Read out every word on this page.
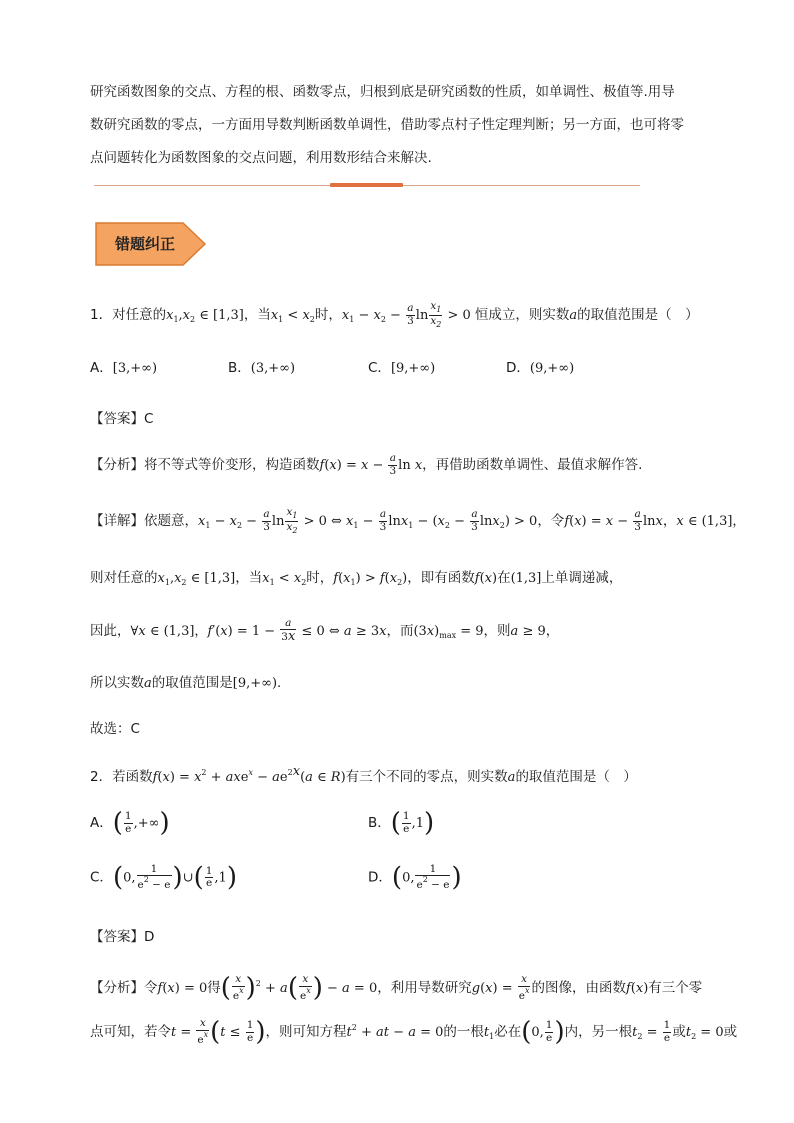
研究函数图象的交点、方程的根、函数零点，归根到底是研究函数的性质，如单调性、极值等.用导
数研究函数的零点，一方面用导数判断函数单调性，借助零点村子性定理判断；另一方面，也可将零
点问题转化为函数图象的交点问题，利用数形结合来解决.
错题纠正
1．对任意的$x_1,x_2$ ∈ [1,3]，当$x_1 < x_2$时，$x_1 - x_2 - \frac{a}{3}$ $\ln \frac{x_1}{x_2} > 0$ 恒成立，则实数a的取值范围是（　）
A．[3,+∞)	B．(3,+∞)	C．[9,+∞)	D．(9,+∞)
【答案】C
【分析】将不等式等价变形，构造函数$f(x) = x - \frac{a}{3}$ ln x，再借助函数单调性、最值求解作答.
【详解】依题意，$x_1 - x_2 - \frac{a}{3}$ $\ln \frac{x_1}{x_2} > 0$ ⇔ $x_1 - \frac{a}{3} \ln x_1 - (x_2 - \frac{a}{3} \ln x_2) > 0$，令$f(x) = x - \frac{a}{3}$ lnx，x ∈ (1,3]，
则对任意的$x_1,x_2$ ∈ [1,3]，当$x_1 < x_2$时，$f(x_1) > f(x_2)$，即有函数f(x)在(1,3]上单调递减，
因此，∀x ∈ (1,3]，$f'(x) = 1 - \frac{a}{3x} \le 0$ ⇔ a ≥ 3x，而$(3x)_{max} = 9$，则a ≥ 9，
所以实数a的取值范围是[9,+∞).
故选：C
2．若函数$f(x) = x^2 + axe^x - ae^{2x}(a$ ∈ R)有三个不同的零点，则实数a的取值范围是（　）
A．( $\frac{1}{e}$ ,+∞)	B．( $\frac{1}{e} ,1$)
C．(0, $\frac{1}{e^2 - e}$ )∪( $\frac{1}{e} ,1$)	D．(0, $\frac{1}{e^2 - e}$ )
【答案】D
【分析】令f(x) = 0得( $\frac{x}{e^x} )^2 + a( \frac{x}{e^x}$ ) − a = 0，利用导数研究$g(x) = \frac{x}{e^x}$ 的图像，由函数f(x)有三个零
点可知，若令$t = \frac{x}{e^x} (t \le \frac{1}{e}$ )，则可知方程$t^2$ + at − a = 0的一根$t_1$必在(0, $\frac{1}{e}$ )内，另一根$t_2 = \frac{1}{e}$ 或$t_2 = 0$或
